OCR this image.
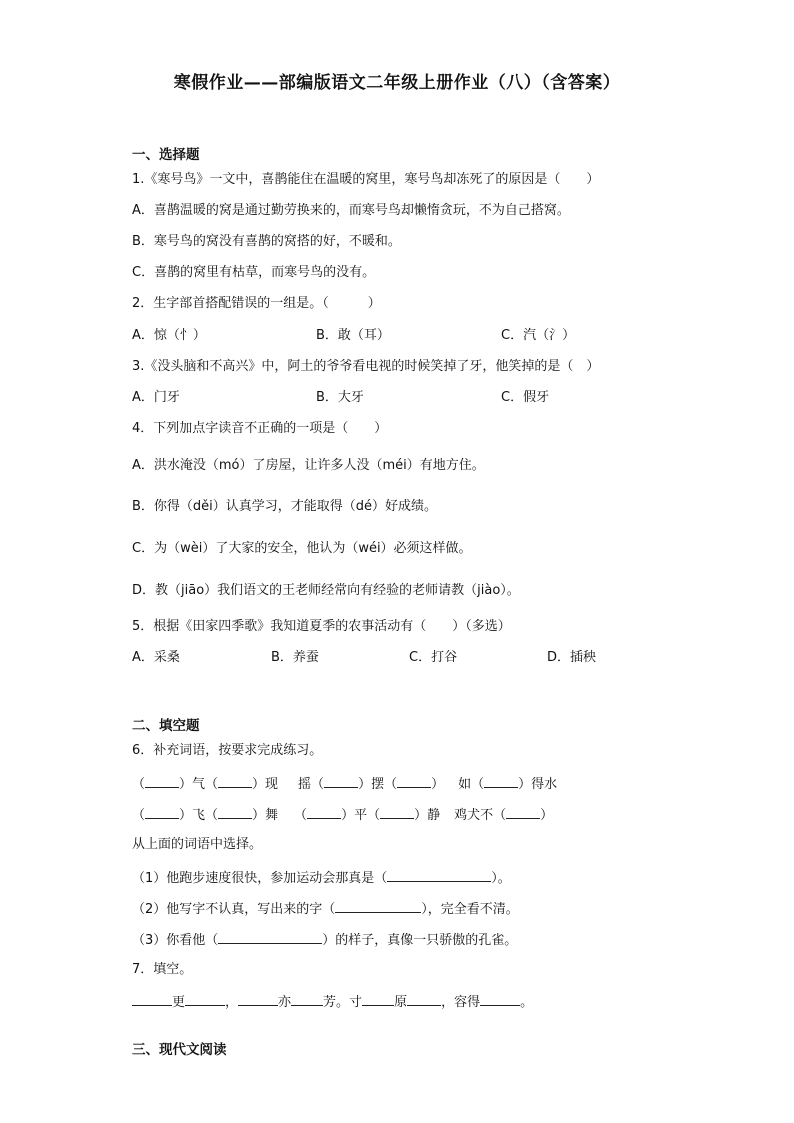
寒假作业——部编版语文二年级上册作业（八）（含答案）
一、选择题
1.《寒号鸟》一文中，喜鹊能住在温暖的窝里，寒号鸟却冻死了的原因是（　　）
A．喜鹊温暖的窝是通过勤劳换来的，而寒号鸟却懒惰贪玩，不为自己搭窝。
B．寒号鸟的窝没有喜鹊的窝搭的好，不暖和。
C．喜鹊的窝里有枯草，而寒号鸟的没有。
2．生字部首搭配错误的一组是。（　　　）
A．惊（忄）	B．敢（耳）	C．汽（氵）
3.《没头脑和不高兴》中，阿土的爷爷看电视的时候笑掉了牙，他笑掉的是（　）
A．门牙	B．大牙	C．假牙
4．下列加点字读音不正确的一项是（　　）
A．洪水淹没（mó）了房屋，让许多人没（méi）有地方住。
B．你得（děi）认真学习，才能取得（dé）好成绩。
C．为（wèi）了大家的安全，他认为（wéi）必须这样做。
D．教（jiāo）我们语文的王老师经常向有经验的老师请教（jiào）。
5．根据《田家四季歌》我知道夏季的农事活动有（　　）（多选）
A．采桑	B．养蚕	C．打谷	D．插秧
二、填空题
6．补充词语，按要求完成练习。
（	）气（	）现 摇（	）摆（	） 如（	）得水
（	）飞（	）舞 （	）平（	）静 鸡犬不（	）
从上面的词语中选择。
（1）他跑步速度很快，参加运动会那真是（	）。
（2）他写字不认真，写出来的字（	），完全看不清。
（3）你看他（	）的样子，真像一只骄傲的孔雀。
7．填空。
更	，	亦 芳。寸 原	，容得	。
三、现代文阅读
